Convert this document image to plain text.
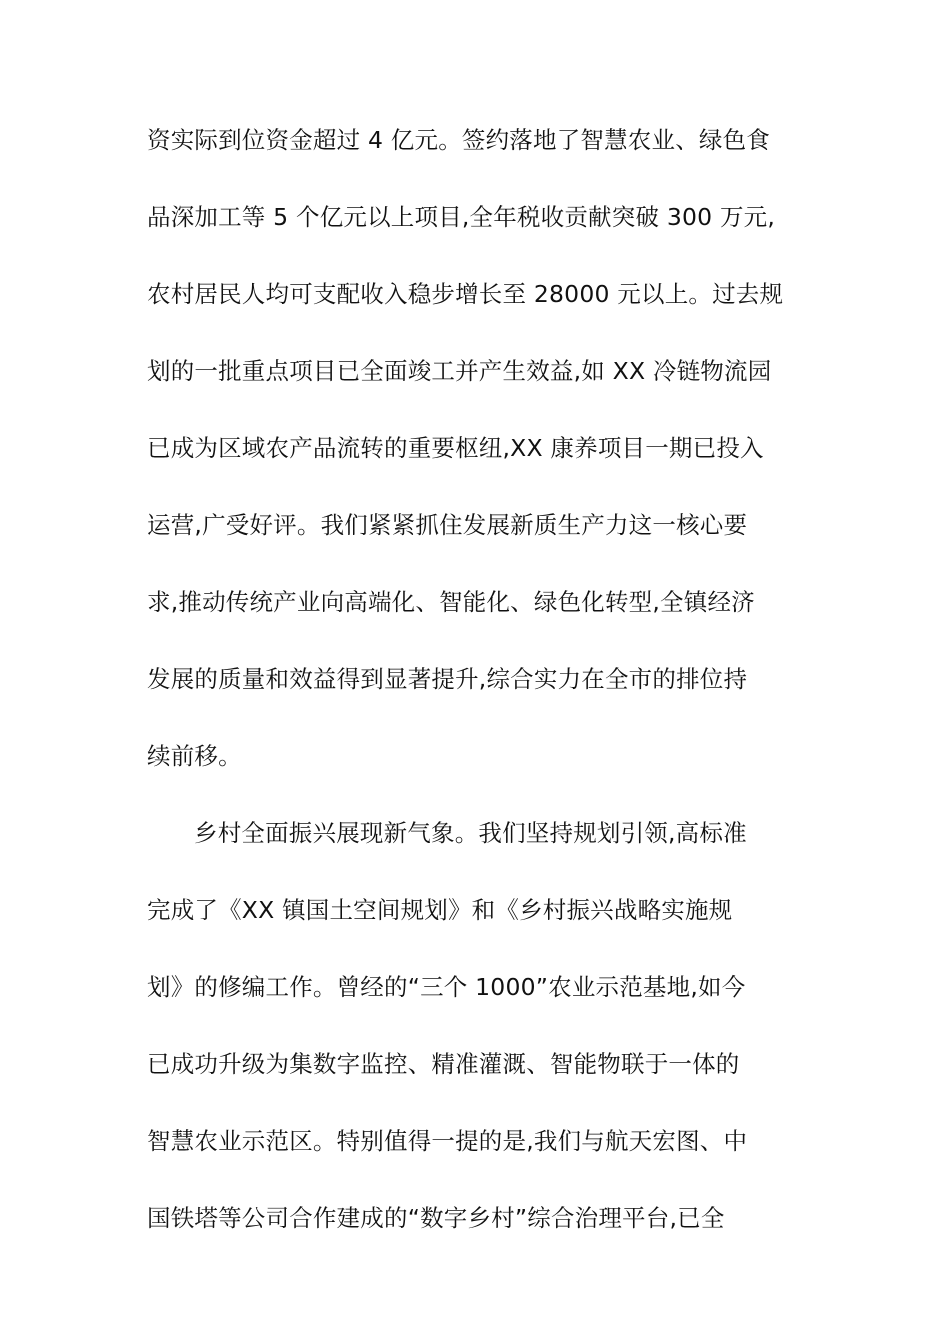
资实际到位资金超过 4 亿元。签约落地了智慧农业、绿色食
品深加工等 5 个亿元以上项目,全年税收贡献突破 300 万元,
农村居民人均可支配收入稳步增长至 28000 元以上。过去规
划的一批重点项目已全面竣工并产生效益,如 XX 冷链物流园
已成为区域农产品流转的重要枢纽,XX 康养项目一期已投入
运营,广受好评。我们紧紧抓住发展新质生产力这一核心要
求,推动传统产业向高端化、智能化、绿色化转型,全镇经济
发展的质量和效益得到显著提升,综合实力在全市的排位持
续前移。
乡村全面振兴展现新气象。我们坚持规划引领,高标准
完成了《XX 镇国土空间规划》和《乡村振兴战略实施规
划》的修编工作。曾经的“三个 1000”农业示范基地,如今
已成功升级为集数字监控、精准灌溉、智能物联于一体的
智慧农业示范区。特别值得一提的是,我们与航天宏图、中
国铁塔等公司合作建成的“数字乡村”综合治理平台,已全
